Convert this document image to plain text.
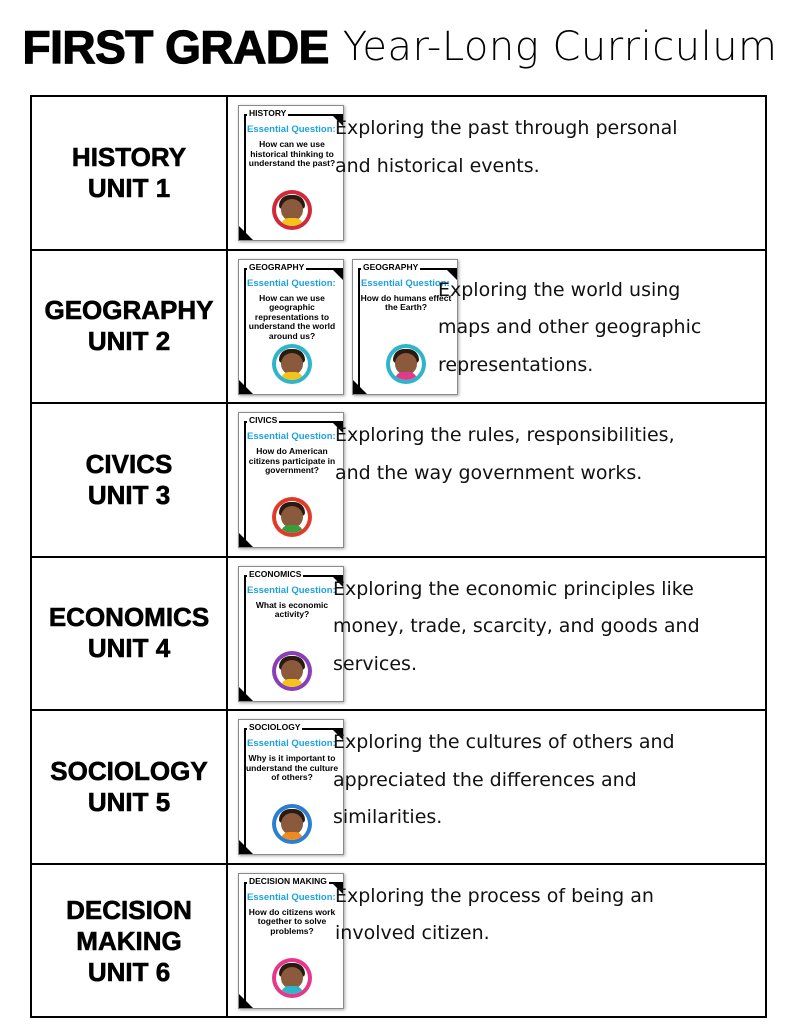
FIRST GRADE Year-Long Curriculum
HISTORY
UNIT 1
HISTORY
Essential Question:
How can we use historical thinking to understand the past?
Exploring the past through personal and historical events.
GEOGRAPHY
UNIT 2
GEOGRAPHY
Essential Question:
How can we use geographic representations to understand the world around us?
GEOGRAPHY
Essential Question:
How do humans effect the Earth?
Exploring the world using maps and other geographic representations.
CIVICS
UNIT 3
CIVICS
Essential Question:
How do American citizens participate in government?
Exploring the rules, responsibilities, and the way government works.
ECONOMICS
UNIT 4
ECONOMICS
Essential Question:
What is economic activity?
Exploring the economic principles like money, trade, scarcity, and goods and services.
SOCIOLOGY
UNIT 5
SOCIOLOGY
Essential Question:
Why is it important to understand the culture of others?
Exploring the cultures of others and appreciated the differences and similarities.
DECISION
MAKING
UNIT 6
DECISION MAKING
Essential Question:
How do citizens work together to solve problems?
Exploring the process of being an involved citizen.
